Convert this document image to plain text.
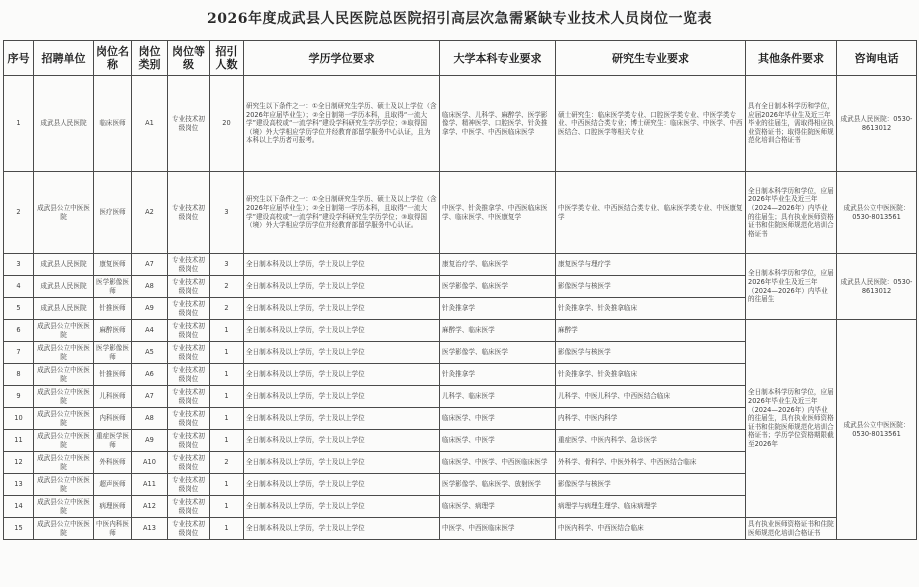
2026年度成武县人民医院总医院招引高层次急需紧缺专业技术人员岗位一览表
序号	招聘单位	岗位名称	岗位类别	岗位等级	招引人数	学历学位要求	大学本科专业要求	研究生专业要求	其他条件要求	咨询电话
1	成武县人民医院	临床医师	A1	专业技术初级岗位	20	研究生以下条件之一：①全日制研究生学历、硕士及以上学位（含2026年应届毕业生）；②全日制第一学历本科，且取得“一流大学”建设高校或“一流学科”建设学科研究生学历学位；③取得国（境）外大学相应学历学位并经教育部留学服务中心认证，且为本科以上学历者可报考。	临床医学、儿科学、麻醉学、医学影像学、精神医学、口腔医学、针灸推拿学、中医学、中西医临床医学	硕士研究生：临床医学类专业、口腔医学类专业、中医学类专业、中西医结合类专业；博士研究生：临床医学、中医学、中西医结合、口腔医学等相关专业	具有全日制本科学历和学位，应届2026年毕业生及近三年毕业的往届生，需取得相应执业资格证书；取得住院医师规范化培训合格证书	成武县人民医院：0530-8613012
2	成武县公立中医医院	医疗医师	A2	专业技术初级岗位	3	研究生以下条件之一：①全日制研究生学历、硕士及以上学位（含2026年应届毕业生）；②全日制第一学历本科，且取得“一流大学”建设高校或“一流学科”建设学科研究生学历学位；③取得国（境）外大学相应学历学位并经教育部留学服务中心认证。	中医学、针灸推拿学、中西医临床医学、临床医学、中医康复学	中医学类专业、中西医结合类专业、临床医学类专业、中医康复学	全日制本科学历和学位，应届2026年毕业生及近三年（2024—2026年）内毕业的往届生；具有执业医师资格证书和住院医师规范化培训合格证书	成武县公立中医医院：0530-8013561
3	成武县人民医院	康复医师	A7	专业技术初级岗位	3	全日制本科及以上学历，学士及以上学位	康复治疗学、临床医学	康复医学与理疗学	全日制本科学历和学位，应届2026年毕业生及近三年（2024—2026年）内毕业的往届生	成武县人民医院：0530-8613012
4	成武县人民医院	医学影像医师	A8	专业技术初级岗位	2	全日制本科及以上学历，学士及以上学位	医学影像学、临床医学	影像医学与核医学		
5	成武县人民医院	针推医师	A9	专业技术初级岗位	2	全日制本科及以上学历，学士及以上学位	针灸推拿学	针灸推拿学、针灸推拿临床		
6	成武县公立中医医院	麻醉医师	A4	专业技术初级岗位	1	全日制本科及以上学历，学士及以上学位	麻醉学、临床医学	麻醉学	全日制本科学历和学位，应届2026年毕业生及近三年（2024—2026年）内毕业的往届生，具有执业医师资格证书和住院医师规范化培训合格证书；学历学位资格期限截至2026年	成武县公立中医医院：0530-8013561
7	成武县公立中医医院	医学影像医师	A5	专业技术初级岗位	1	全日制本科及以上学历，学士及以上学位	医学影像学、临床医学	影像医学与核医学		
8	成武县公立中医医院	针推医师	A6	专业技术初级岗位	1	全日制本科及以上学历，学士及以上学位	针灸推拿学	针灸推拿学、针灸推拿临床		
9	成武县公立中医医院	儿科医师	A7	专业技术初级岗位	1	全日制本科及以上学历，学士及以上学位	儿科学、临床医学	儿科学、中医儿科学、中西医结合临床		
10	成武县公立中医医院	内科医师	A8	专业技术初级岗位	1	全日制本科及以上学历，学士及以上学位	临床医学、中医学	内科学、中医内科学		
11	成武县公立中医医院	重症医学医师	A9	专业技术初级岗位	1	全日制本科及以上学历，学士及以上学位	临床医学、中医学	重症医学、中医内科学、急诊医学		
12	成武县公立中医医院	外科医师	A10	专业技术初级岗位	2	全日制本科及以上学历，学士及以上学位	临床医学、中医学、中西医临床医学	外科学、骨科学、中医外科学、中西医结合临床		
13	成武县公立中医医院	超声医师	A11	专业技术初级岗位	1	全日制本科及以上学历，学士及以上学位	医学影像学、临床医学、放射医学	影像医学与核医学		
14	成武县公立中医医院	病理医师	A12	专业技术初级岗位	1	全日制本科及以上学历，学士及以上学位	临床医学、病理学	病理学与病理生理学、临床病理学		
15	成武县公立中医医院	中医内科医师	A13	专业技术初级岗位	1	全日制本科及以上学历，学士及以上学位	中医学、中西医临床医学	中医内科学、中西医结合临床	具有执业医师资格证书和住院医师规范化培训合格证书	
